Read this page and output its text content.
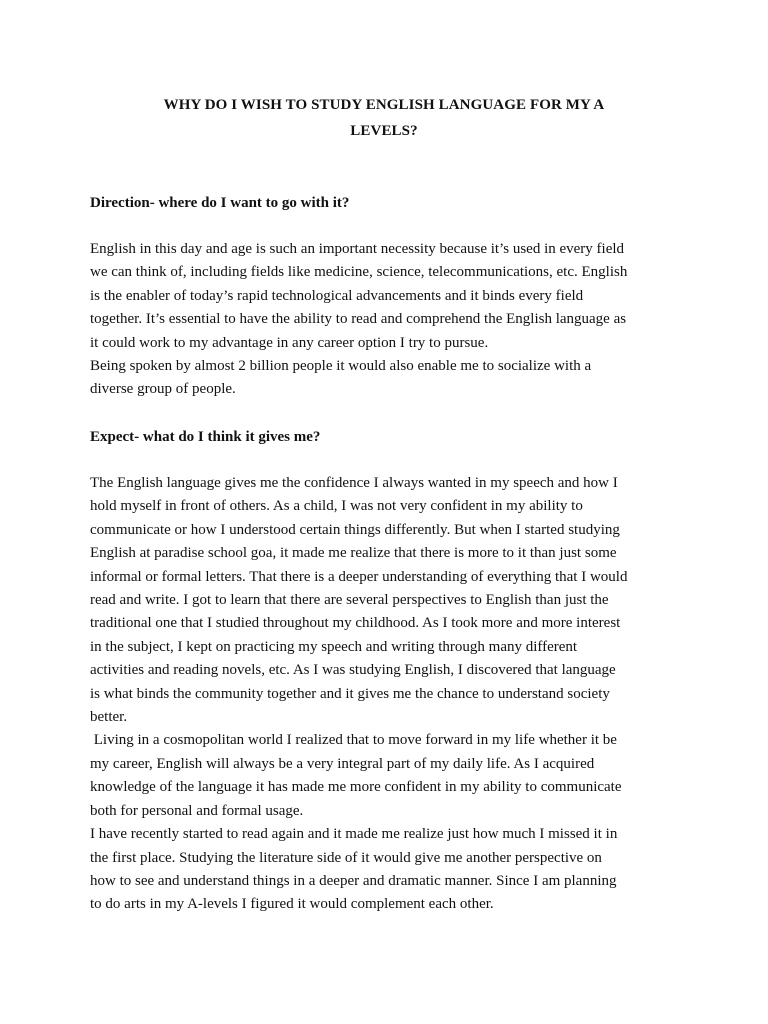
WHY DO I WISH TO STUDY ENGLISH LANGUAGE FOR MY A
LEVELS?

Direction- where do I want to go with it?

English in this day and age is such an important necessity because it’s used in every field
we can think of, including fields like medicine, science, telecommunications, etc. English
is the enabler of today’s rapid technological advancements and it binds every field
together. It’s essential to have the ability to read and comprehend the English language as
it could work to my advantage in any career option I try to pursue.
Being spoken by almost 2 billion people it would also enable me to socialize with a
diverse group of people.

Expect- what do I think it gives me?

The English language gives me the confidence I always wanted in my speech and how I
hold myself in front of others. As a child, I was not very confident in my ability to
communicate or how I understood certain things differently. But when I started studying
English at paradise school goa, it made me realize that there is more to it than just some
informal or formal letters. That there is a deeper understanding of everything that I would
read and write. I got to learn that there are several perspectives to English than just the
traditional one that I studied throughout my childhood. As I took more and more interest
in the subject, I kept on practicing my speech and writing through many different
activities and reading novels, etc. As I was studying English, I discovered that language
is what binds the community together and it gives me the chance to understand society
better.
Living in a cosmopolitan world I realized that to move forward in my life whether it be
my career, English will always be a very integral part of my daily life. As I acquired
knowledge of the language it has made me more confident in my ability to communicate
both for personal and formal usage.
I have recently started to read again and it made me realize just how much I missed it in
the first place. Studying the literature side of it would give me another perspective on
how to see and understand things in a deeper and dramatic manner. Since I am planning
to do arts in my A-levels I figured it would complement each other.
